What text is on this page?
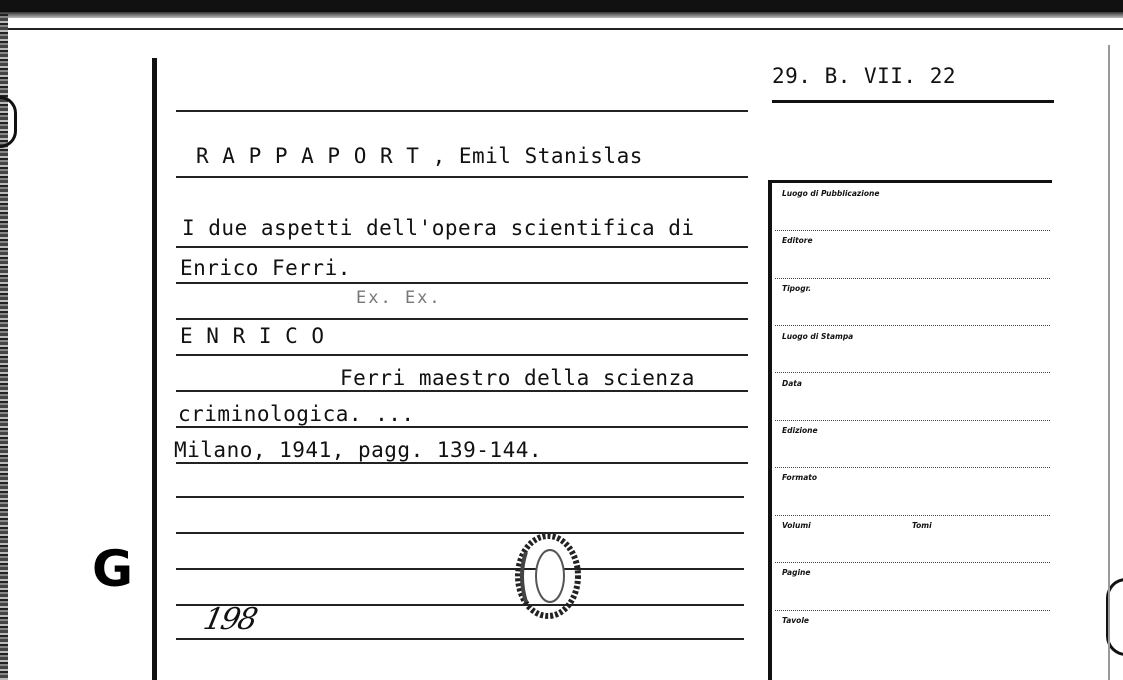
G
29. B. VII. 22
R A P P A P O R T , Emil Stanislas
I due aspetti dell'opera scientifica di
Enrico Ferri.
Ex. Ex.
E N R I C O
Ferri maestro della scienza
criminologica. ...
Milano, 1941, pagg. 139-144.
198
Luogo di Pubblicazione
Editore
Tipogr.
Luogo di Stampa
Data
Edizione
Formato
Volumi	Tomi
Pagine
Tavole
